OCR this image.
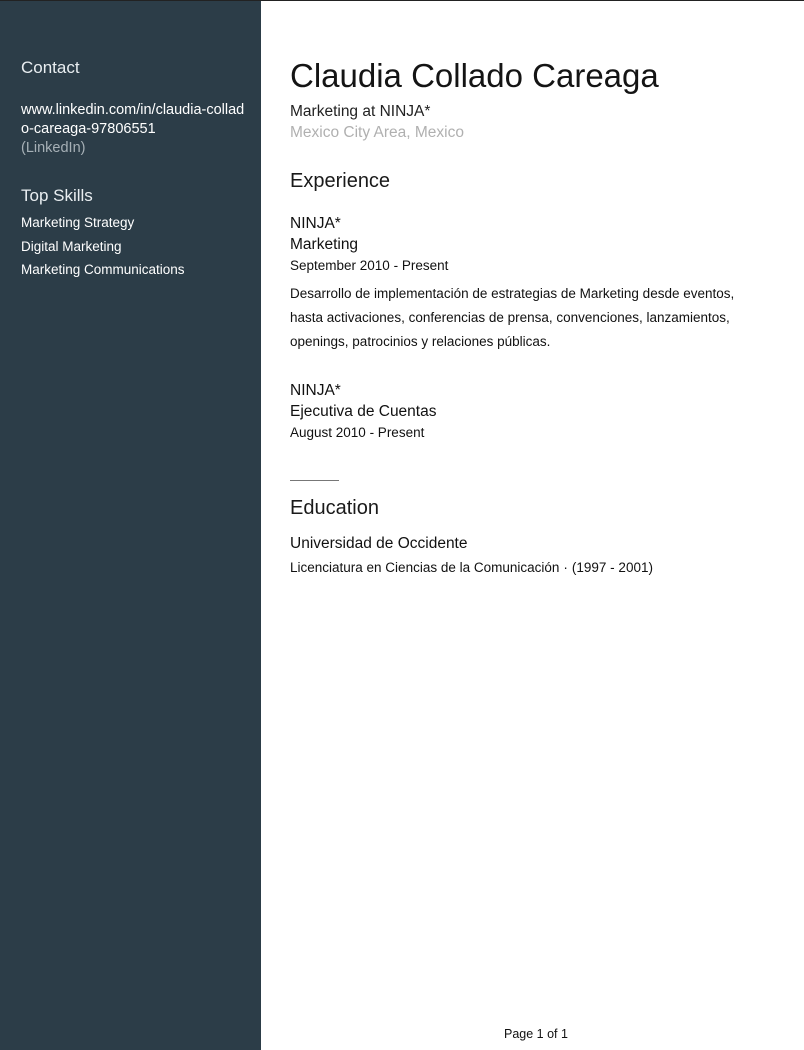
Contact
www.linkedin.com/in/claudia-collado-careaga-97806551
(LinkedIn)
Top Skills
Marketing Strategy
Digital Marketing
Marketing Communications
Claudia Collado Careaga
Marketing at NINJA*
Mexico City Area, Mexico
Experience
NINJA*
Marketing
September 2010 - Present
Desarrollo de implementación de estrategias de Marketing desde eventos, hasta activaciones, conferencias de prensa, convenciones, lanzamientos, openings, patrocinios y relaciones públicas.
NINJA*
Ejecutiva de Cuentas
August 2010 - Present
Education
Universidad de Occidente
Licenciatura en Ciencias de la Comunicación · (1997 - 2001)
Page 1 of 1
